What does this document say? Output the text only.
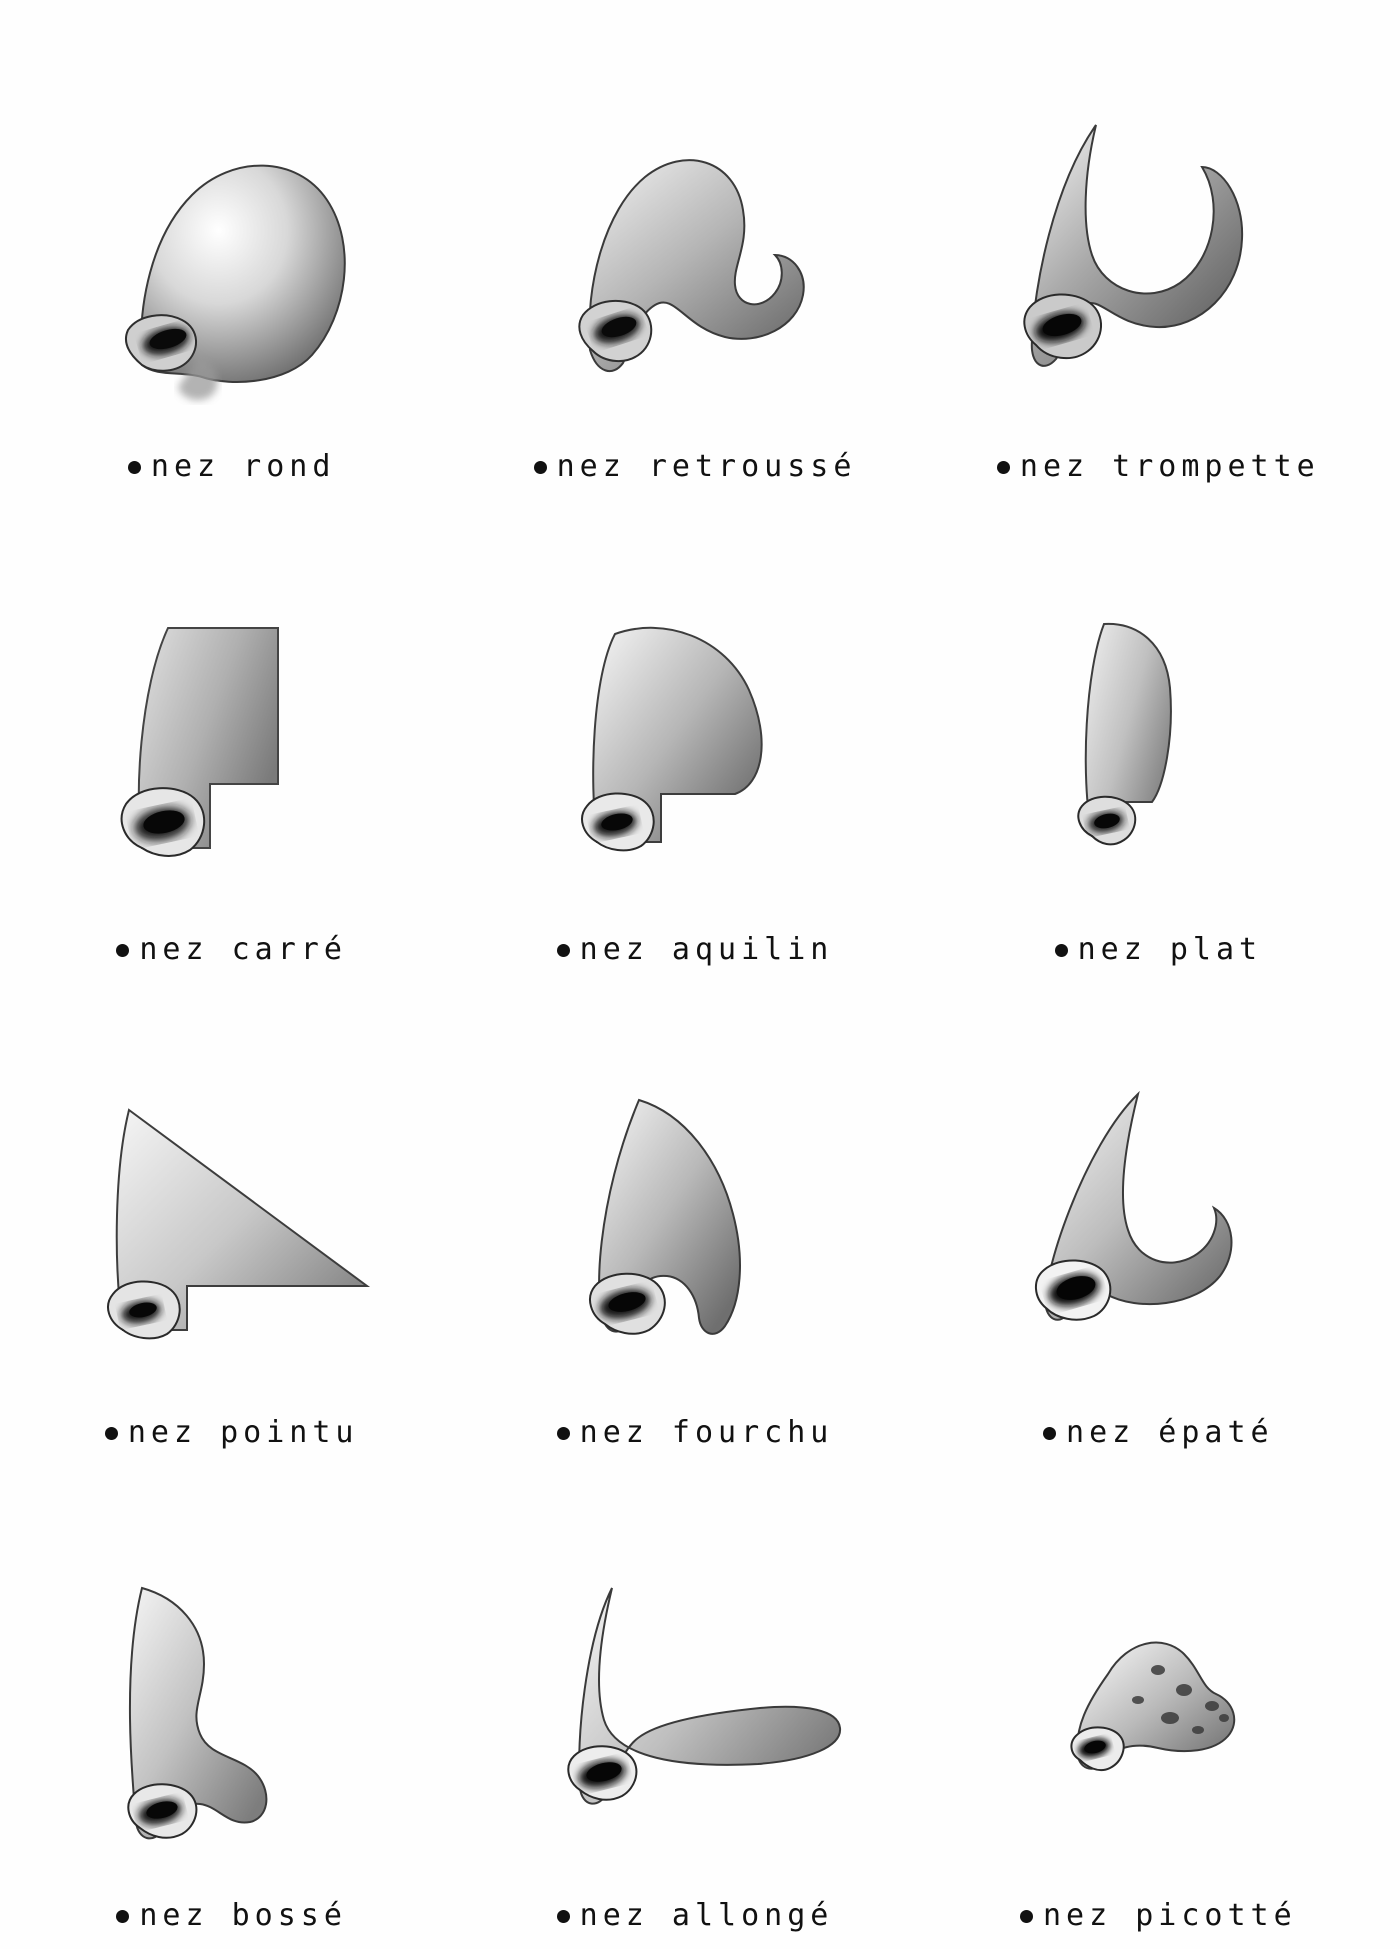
nez rond	nez retroussé	nez trompette
nez carré	nez aquilin	nez plat
nez pointu	nez fourchu	nez épaté
nez bossé	nez allongé	nez picotté
